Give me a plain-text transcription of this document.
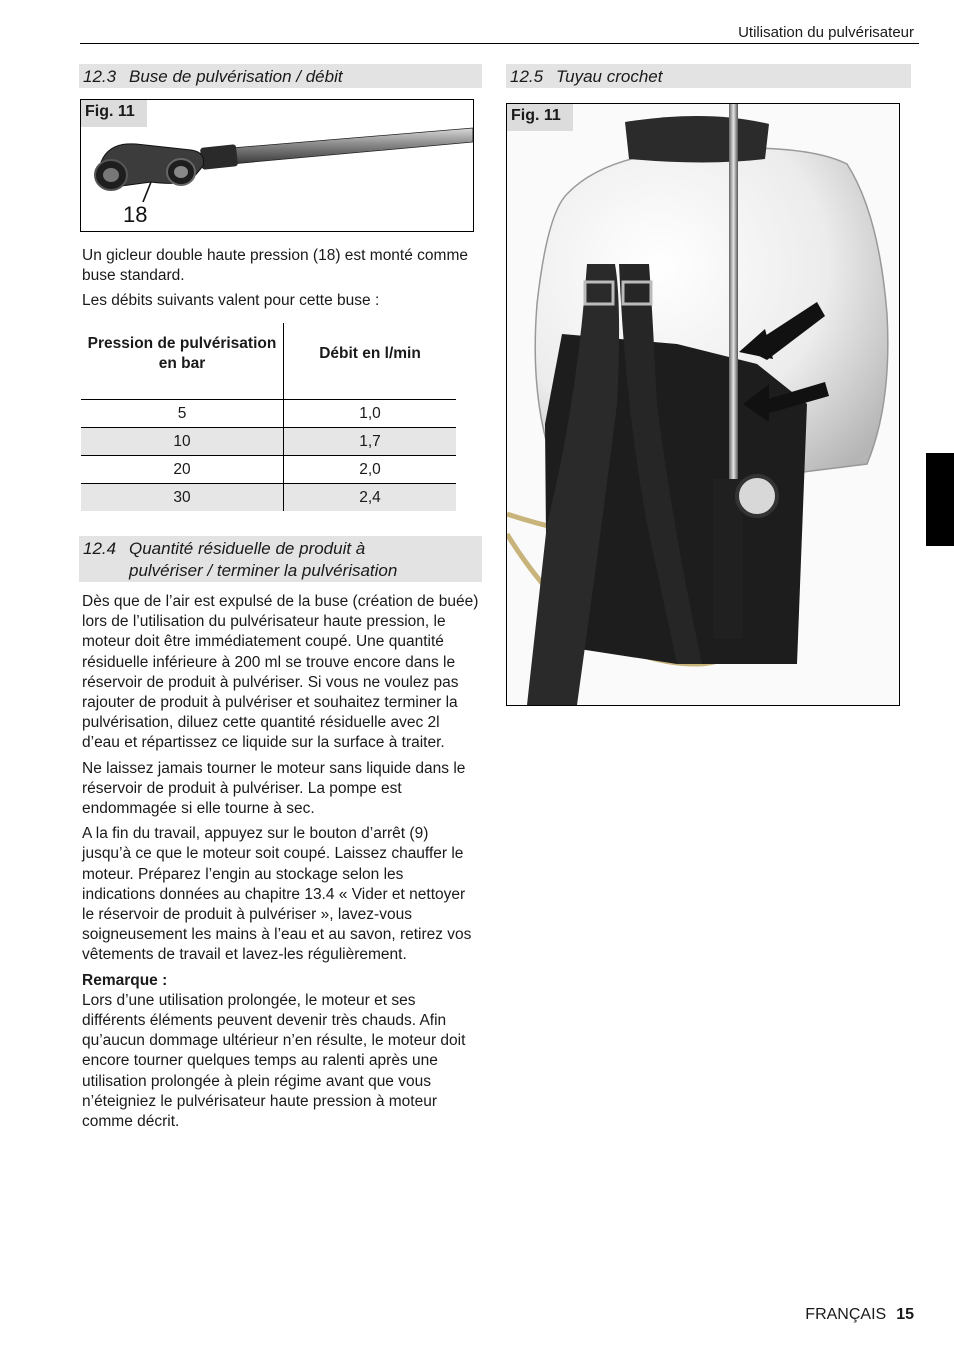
Utilisation du pulvérisateur
12.3 Buse de pulvérisation / débit
Fig. 11
18

Un gicleur double haute pression (18) est monté comme buse standard.

Les débits suivants valent pour cette buse :

Pression de pulvérisation en bar	Débit en l/min

5	1,0
10	1,7
20	2,0
30	2,4
12.4 Quantité résiduelle de produit à
pulvériser / terminer la pulvérisation

Dès que de l’air est expulsé de la buse (création de buée) lors de l’utilisation du pulvérisateur haute pression, le moteur doit être immédiatement coupé. Une quantité résiduelle inférieure à 200 ml se trouve encore dans le réservoir de produit à pulvériser. Si vous ne voulez pas rajouter de produit à pulvériser et souhaitez terminer la pulvérisation, diluez cette quantité résiduelle avec 2l d’eau et répartissez ce liquide sur la surface à traiter.

Ne laissez jamais tourner le moteur sans liquide dans le réservoir de produit à pulvériser. La pompe est endommagée si elle tourne à sec.

A la fin du travail, appuyez sur le bouton d’arrêt (9) jusqu’à ce que le moteur soit coupé. Laissez chauffer le moteur. Préparez l’engin au stockage selon les indications données au chapitre 13.4 « Vider et nettoyer le réservoir de produit à pulvériser », lavez-vous soigneusement les mains à l’eau et au savon, retirez vos vêtements de travail et lavez-les régulièrement.

Remarque :

Lors d’une utilisation prolongée, le moteur et ses différents éléments peuvent devenir très chauds. Afin qu’aucun dommage ultérieur n’en résulte, le moteur doit encore tourner quelques temps au ralenti après une utilisation prolongée à plein régime avant que vous n’éteigniez le pulvérisateur haute pression à moteur comme décrit.

12.5 Tuyau crochet
Fig. 11
FRANÇAIS 15
